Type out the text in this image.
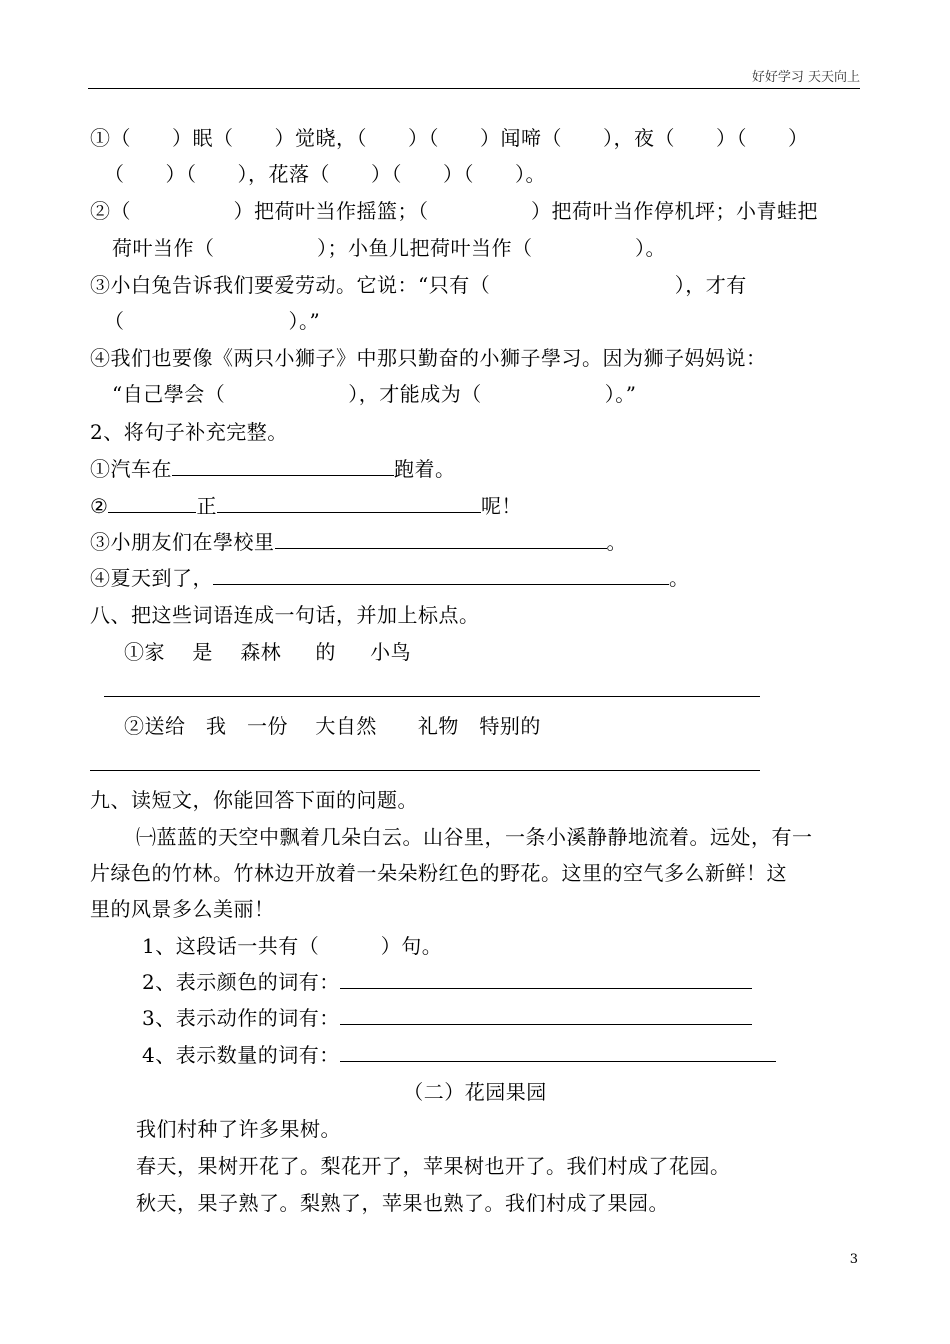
好好学习 天天向上
①（　　）眠（　　）觉晓，（　　）（　　）闻啼（　　），夜（　　）（　　）
（　　）（　　），花落（　　）（　　）（　　）。
②（　　　　　）把荷叶当作摇篮；（　　　　　）把荷叶当作停机坪；小青蛙把
荷叶当作（　　　　　）；小鱼儿把荷叶当作（　　　　　）。
③小白兔告诉我们要爱劳动。它说：“只有（　　　　　　　　　），才有
（　　　　　　　　）。”
④我们也要像《两只小狮子》中那只勤奋的小狮子學习。因为狮子妈妈说：
“自己學会（　　　　　　），才能成为（　　　　　　）。”
2、将句子补充完整。
①汽车在	跑着。
②	正	呢！
③小朋友们在學校里	。
④夏天到了，	。
八、把这些词语连成一句话，并加上标点。
①家　 是　 森林　  的　  小鸟
②送给　我　一份　 大自然　　礼物　特别的
九、读短文，你能回答下面的问题。
㈠蓝蓝的天空中飘着几朵白云。山谷里，一条小溪静静地流着。远处，有一
片绿色的竹林。竹林边开放着一朵朵粉红色的野花。这里的空气多么新鲜！这
里的风景多么美丽！
1、这段话一共有（　　　）句。
2、表示颜色的词有：
3、表示动作的词有：
4、表示数量的词有：
（二）花园果园
我们村种了许多果树。
春天，果树开花了。梨花开了，苹果树也开了。我们村成了花园。
秋天，果子熟了。梨熟了，苹果也熟了。我们村成了果园。
3
